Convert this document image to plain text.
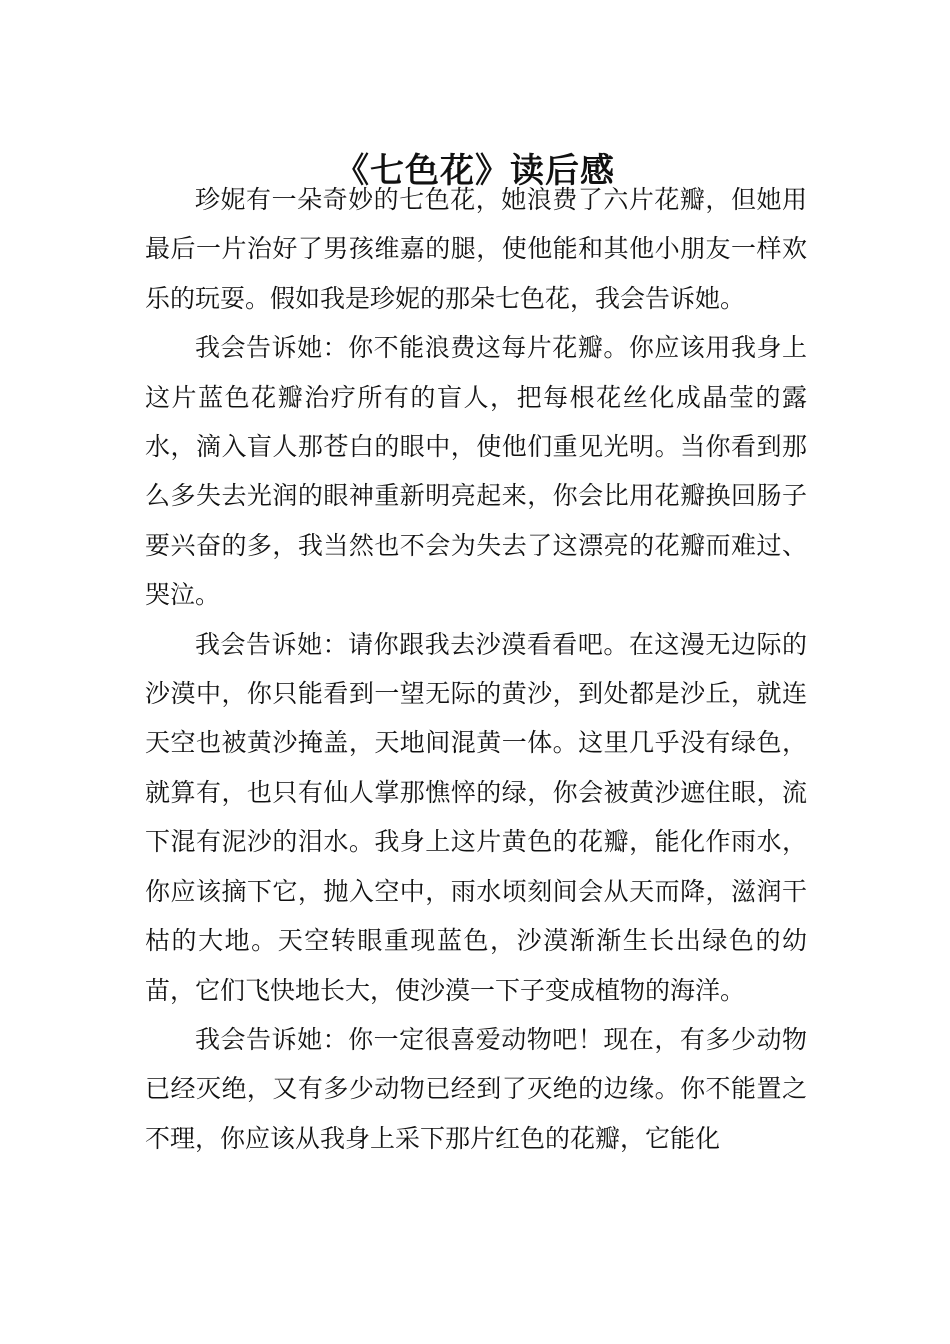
《七色花》读后感

珍妮有一朵奇妙的七色花，她浪费了六片花瓣，但她用最后一片治好了男孩维嘉的腿，使他能和其他小朋友一样欢乐的玩耍。假如我是珍妮的那朵七色花，我会告诉她。

我会告诉她：你不能浪费这每片花瓣。你应该用我身上这片蓝色花瓣治疗所有的盲人，把每根花丝化成晶莹的露水，滴入盲人那苍白的眼中，使他们重见光明。当你看到那么多失去光润的眼神重新明亮起来，你会比用花瓣换回肠子要兴奋的多，我当然也不会为失去了这漂亮的花瓣而难过、哭泣。

我会告诉她：请你跟我去沙漠看看吧。在这漫无边际的沙漠中，你只能看到一望无际的黄沙，到处都是沙丘，就连天空也被黄沙掩盖，天地间混黄一体。这里几乎没有绿色，就算有，也只有仙人掌那憔悴的绿，你会被黄沙遮住眼，流下混有泥沙的泪水。我身上这片黄色的花瓣，能化作雨水，你应该摘下它，抛入空中，雨水顷刻间会从天而降，滋润干枯的大地。天空转眼重现蓝色，沙漠渐渐生长出绿色的幼苗，它们飞快地长大，使沙漠一下子变成植物的海洋。

我会告诉她：你一定很喜爱动物吧！现在，有多少动物已经灭绝，又有多少动物已经到了灭绝的边缘。你不能置之不理，你应该从我身上采下那片红色的花瓣，它能化
